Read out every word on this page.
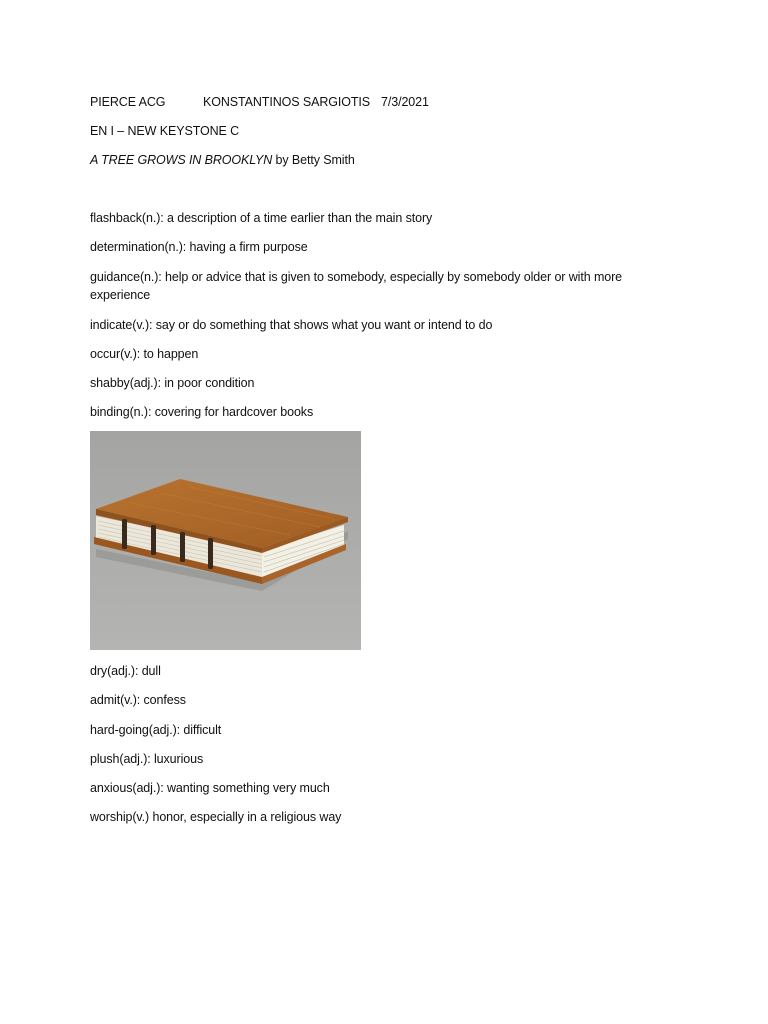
PIERCE ACG	KONSTANTINOS SARGIOTIS 7/3/2021
EN I – NEW KEYSTONE C
A TREE GROWS IN BROOKLYN by Betty Smith
flashback(n.): a description of a time earlier than the main story
determination(n.): having a firm purpose
guidance(n.): help or advice that is given to somebody, especially by somebody older or with more experience
indicate(v.): say or do something that shows what you want or intend to do
occur(v.): to happen
shabby(adj.): in poor condition
binding(n.): covering for hardcover books
dry(adj.): dull
admit(v.): confess
hard-going(adj.): difficult
plush(adj.): luxurious
anxious(adj.): wanting something very much
worship(v.) honor, especially in a religious way
